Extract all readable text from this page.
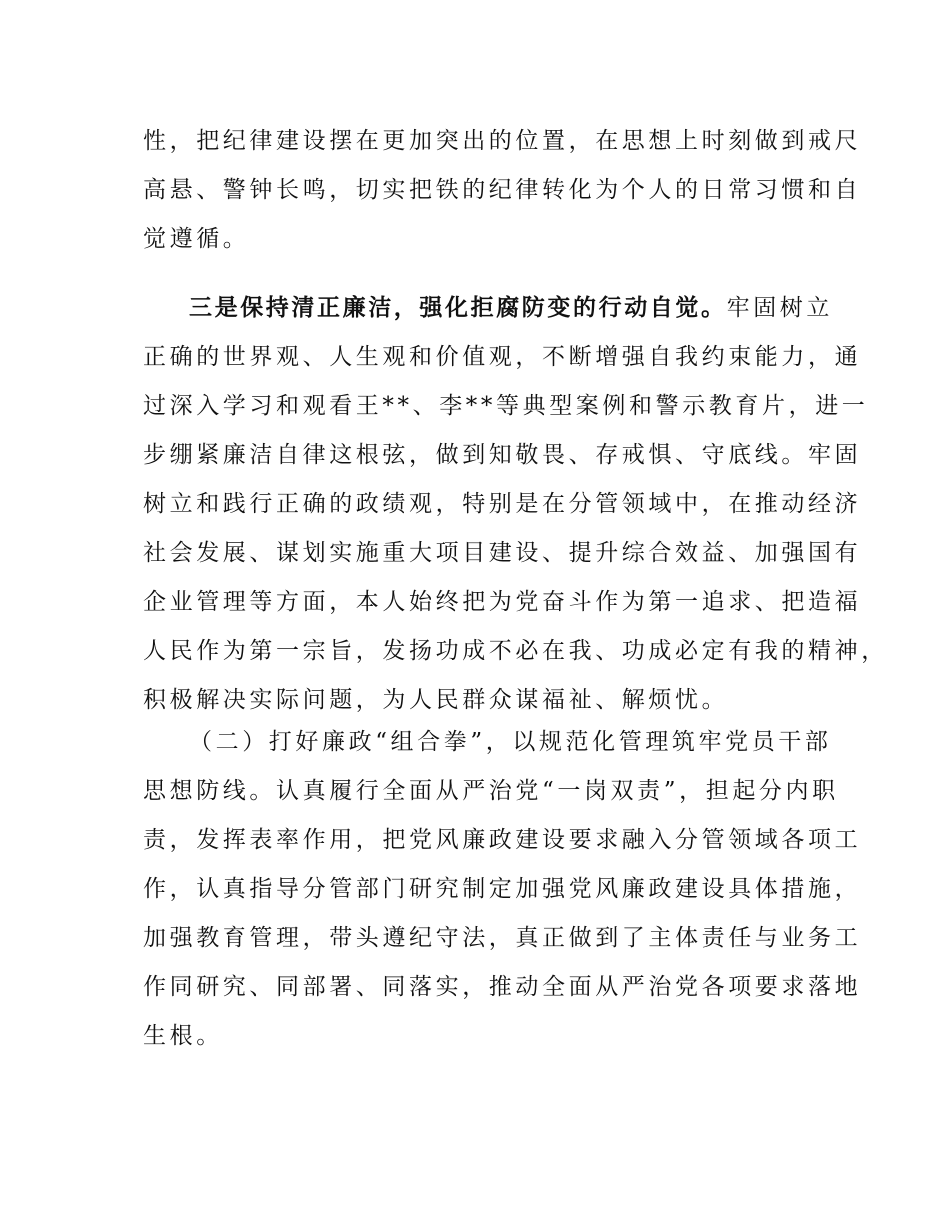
性，把纪律建设摆在更加突出的位置，在思想上时刻做到戒尺
高悬、警钟长鸣，切实把铁的纪律转化为个人的日常习惯和自
觉遵循。
三是保持清正廉洁，强化拒腐防变的行动自觉。牢固树立
正确的世界观、人生观和价值观，不断增强自我约束能力，通
过深入学习和观看王**、李**等典型案例和警示教育片，进一
步绷紧廉洁自律这根弦，做到知敬畏、存戒惧、守底线。牢固
树立和践行正确的政绩观，特别是在分管领域中，在推动经济
社会发展、谋划实施重大项目建设、提升综合效益、加强国有
企业管理等方面，本人始终把为党奋斗作为第一追求、把造福
人民作为第一宗旨，发扬功成不必在我、功成必定有我的精神，
积极解决实际问题，为人民群众谋福祉、解烦忧。
（二）打好廉政“组合拳”，以规范化管理筑牢党员干部
思想防线。认真履行全面从严治党“一岗双责”，担起分内职
责，发挥表率作用，把党风廉政建设要求融入分管领域各项工
作，认真指导分管部门研究制定加强党风廉政建设具体措施，
加强教育管理，带头遵纪守法，真正做到了主体责任与业务工
作同研究、同部署、同落实，推动全面从严治党各项要求落地
生根。
